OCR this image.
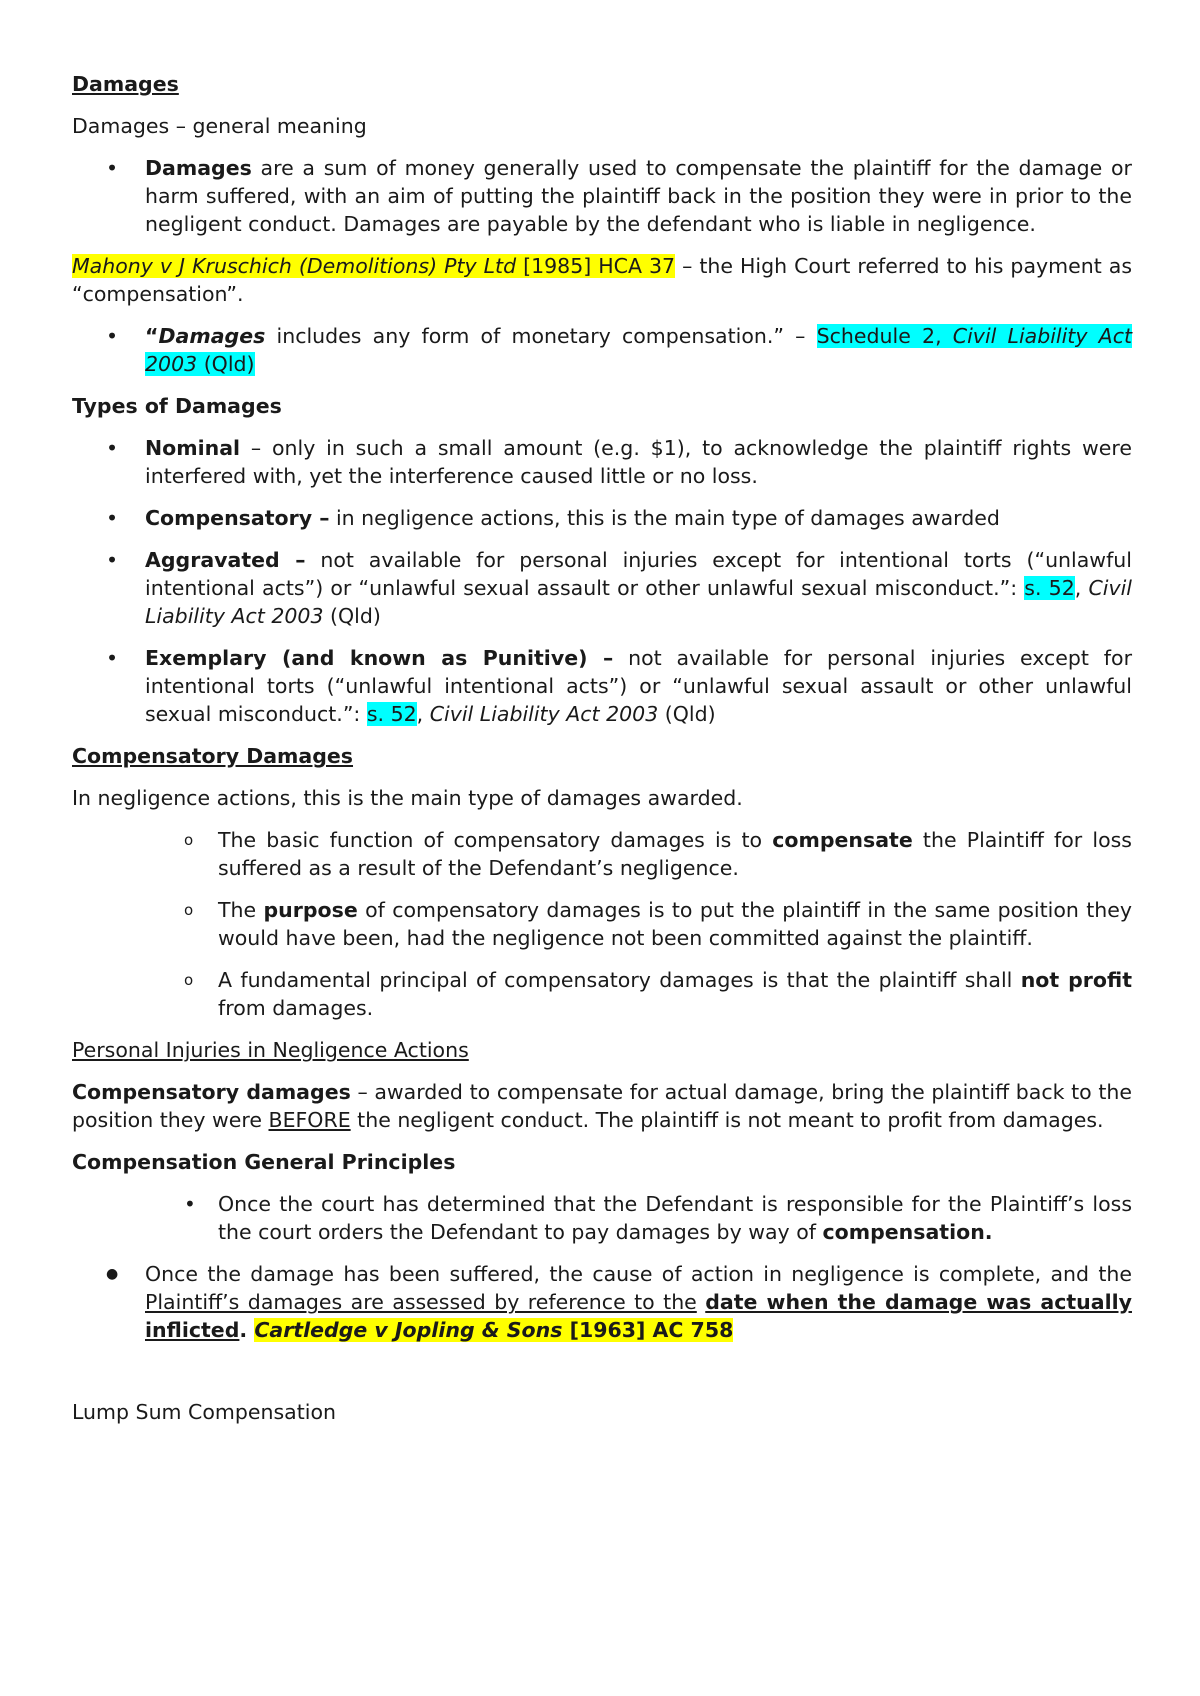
Damages

Damages – general meaning

• Damages are a sum of money generally used to compensate the plaintiff for the damage or harm suffered, with an aim of putting the plaintiff back in the position they were in prior to the negligent conduct. Damages are payable by the defendant who is liable in negligence.

Mahony v J Kruschich (Demolitions) Pty Ltd [1985] HCA 37 – the High Court referred to his payment as “compensation”.

• “Damages includes any form of monetary compensation.” – Schedule 2, Civil Liability Act 2003 (Qld)

Types of Damages

• Nominal – only in such a small amount (e.g. $1), to acknowledge the plaintiff rights were interfered with, yet the interference caused little or no loss.
• Compensatory – in negligence actions, this is the main type of damages awarded
• Aggravated – not available for personal injuries except for intentional torts (“unlawful intentional acts”) or “unlawful sexual assault or other unlawful sexual misconduct.”: s. 52, Civil Liability Act 2003 (Qld)
• Exemplary (and known as Punitive) – not available for personal injuries except for intentional torts (“unlawful intentional acts”) or “unlawful sexual assault or other unlawful sexual misconduct.”: s. 52, Civil Liability Act 2003 (Qld)

Compensatory Damages

In negligence actions, this is the main type of damages awarded.

o The basic function of compensatory damages is to compensate the Plaintiff for loss suffered as a result of the Defendant’s negligence.
o The purpose of compensatory damages is to put the plaintiff in the same position they would have been, had the negligence not been committed against the plaintiff.
o A fundamental principal of compensatory damages is that the plaintiff shall not profit from damages.

Personal Injuries in Negligence Actions

Compensatory damages – awarded to compensate for actual damage, bring the plaintiff back to the position they were BEFORE the negligent conduct. The plaintiff is not meant to profit from damages.

Compensation General Principles

• Once the court has determined that the Defendant is responsible for the Plaintiff’s loss the court orders the Defendant to pay damages by way of compensation.
● Once the damage has been suffered, the cause of action in negligence is complete, and the Plaintiff’s damages are assessed by reference to the date when the damage was actually inflicted. Cartledge v Jopling & Sons [1963] AC 758

Lump Sum Compensation
